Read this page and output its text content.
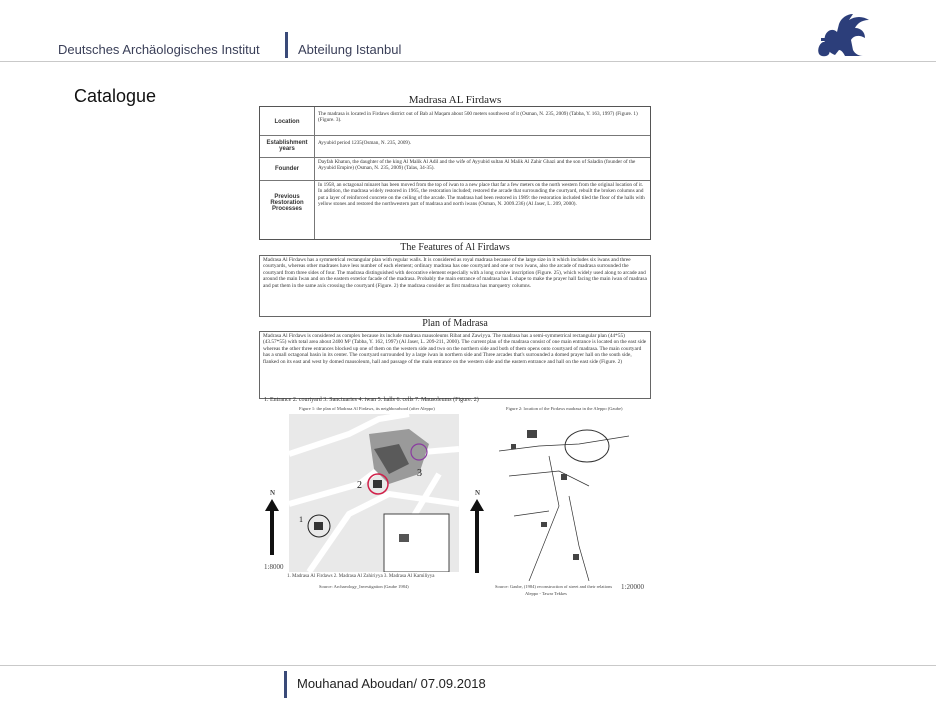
Deutsches Archäologisches Institut	Abteilung Istanbul
Catalogue	Madrasa AL Firdaws
Location
The madrasa is located in Firdaws district out of Bab al Maqam about 500 meters southwest of it (Osman, N. 235, 2009) (Tabba, Y. 163, 1997) (Figure. 1) (Figure. 3).
Establishment years
Ayyubid period 1235(Osman, N. 235, 2009).
Founder
Dayfah Khatun, the daughter of the king Al Malik Al Adil and the wife of Ayyubid sultan Al Malik Al Zahir Ghazi and the son of Saladin (founder of the Ayyubid Empire) (Osman, N. 235, 2009) (Talas, 34-35).
Previous Restoration Processes
In 1958, an octagonal minaret has been moved from the top of iwan to a new place that far a few meters on the north western from the original location of it. In addition, the madrasa widely restored in 1965, the restoration included; restored the arcade that surrounding the courtyard, rebuilt the broken columns and put a layer of reinforced concrete on the ceiling of the arcade. The madrasa had been restored in 1989: the restoration included tiled the floor of the halls with yellow stones and restored the northwestern part of madrasa and north iwans (Osman, N. 2009.236) (Al Jaser, L. 209, 2000).
The Features of Al Firdaws
Madrasa Al Firdaws has a symmetrical rectangular plan with regular walls. It is considered as royal madrasa because of the large size in it which includes six iwans and three courtyards, whereas other madrases have less number of each element; ordinary madrasa has one courtyard and one or two iwans, also the arcade of madrasa surrounded the courtyard from three sides of four. The madrasa distinguished with decorative element especially with a long cursive inscription (Figure. 25), which widely used along to arcade and around the main Iwan and on the eastern exterior facade of the madrasa. Probably the main entrance of madrasa has L shape to make the prayer hall facing the main iwan of madrasa and put them in the same axis crossing the courtyard (Figure. 2) the madrasa consider as first madrasa has marquetry columns.
Plan of Madrasa
Madrasa Al Firdaws is considered as complex because its include madrasa mausoleums Ribat and Zawiyya. The madrasa has a semi-symmetrical rectangular plan (44*55)(43.57*55) with total area about 2400 M² (Tabba, Y. 162, 1997) (Al Jaser, L. 209-211, 2000). The current plan of the madrasa consist of one main entrance is located on the east side whereas the other three entrances blocked up one of them on the western side and two on the northern side and both of them opens onto courtyard of madrasa. The main courtyard has a small octagonal basin in its center. The courtyard surrounded by a large iwan in northern side and Three arcades that's surrounded a domed prayer hall on the south side, flanked on its east and west by domed mausoleum, hall and passage of the main entrance on the western side and the eastern entrance and hall on the east side (Figure. 2)
1. Entrance 2. courtyard 3. Sanctuaries 4. iwan 5. halls 6. cells 7. Mausoleums (Figure. 2)
Figure 1: the plan of Madrasa Al Firdaws, its neighbourhood (after Aleppo)
1
2
3
N
1:8000
1. Madrasa Al Firdaws 2. Madrasa Al Zahiriyya 3. Madrasa Al Kamiliyya
Source: Archaeology_Investigation (Gaube 1984)
Figure 2: location of the Firdaws madrasa in the Aleppo (Gaube)
N
Source: Gaube, (1984) reconstruction of street and their relations
Aleppo - Tawar Tekkes
1:20000
Mouhanad Aboudan/ 07.09.2018
